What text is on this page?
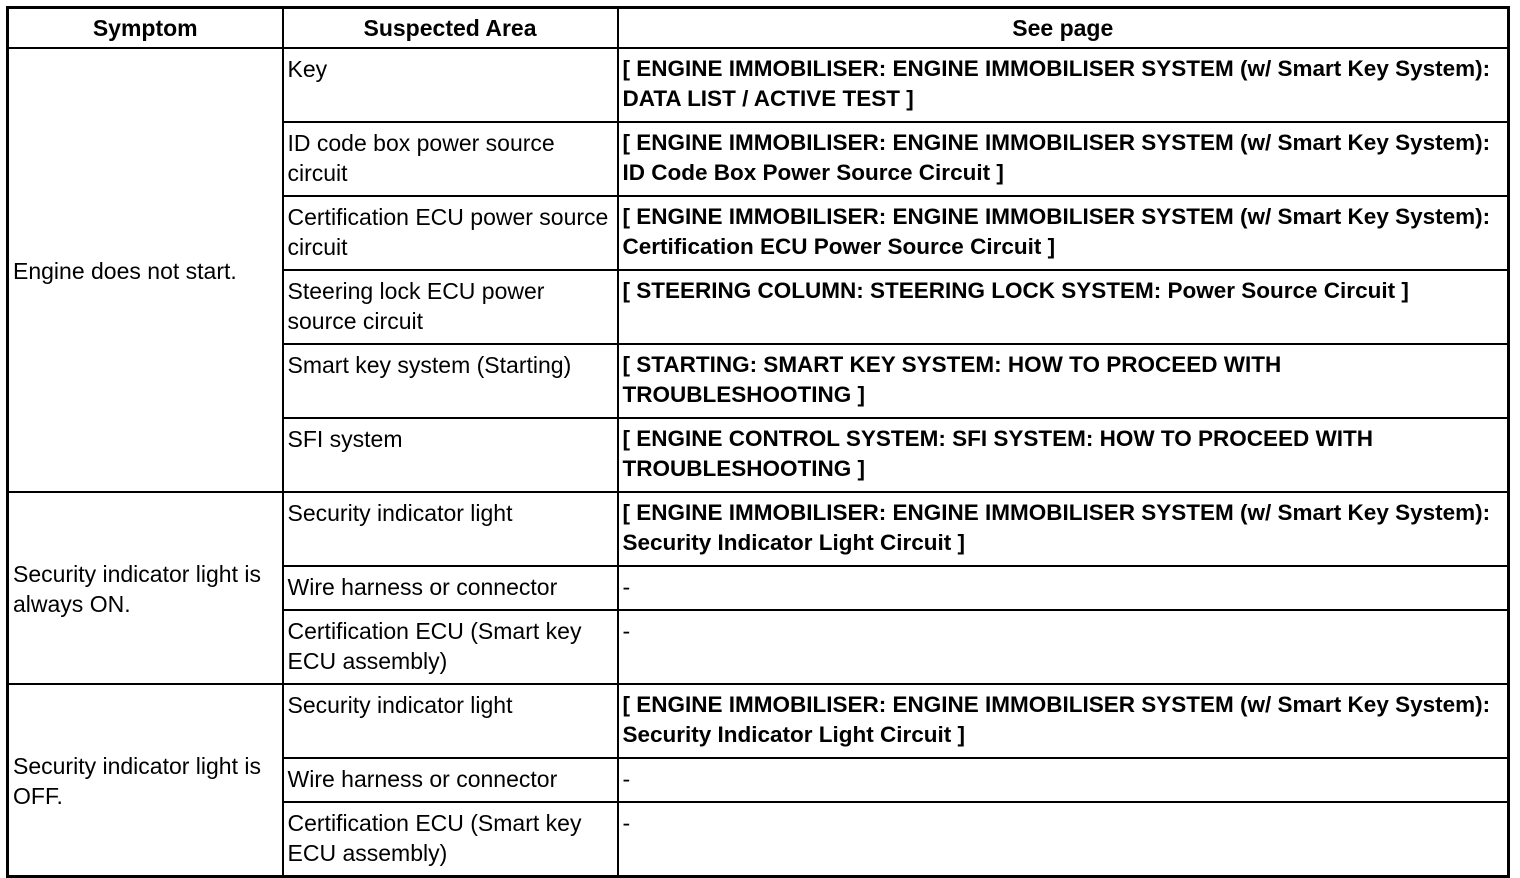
Symptom	Suspected Area	See page
Engine does not start.	Key	[ ENGINE IMMOBILISER: ENGINE IMMOBILISER SYSTEM (w/ Smart Key System): DATA LIST / ACTIVE TEST ]
	ID code box power source circuit	[ ENGINE IMMOBILISER: ENGINE IMMOBILISER SYSTEM (w/ Smart Key System): ID Code Box Power Source Circuit ]
	Certification ECU power source circuit	[ ENGINE IMMOBILISER: ENGINE IMMOBILISER SYSTEM (w/ Smart Key System): Certification ECU Power Source Circuit ]
	Steering lock ECU power source circuit	[ STEERING COLUMN: STEERING LOCK SYSTEM: Power Source Circuit ]
	Smart key system (Starting)	[ STARTING: SMART KEY SYSTEM: HOW TO PROCEED WITH TROUBLESHOOTING ]
	SFI system	[ ENGINE CONTROL SYSTEM: SFI SYSTEM: HOW TO PROCEED WITH TROUBLESHOOTING ]
Security indicator light is always ON.	Security indicator light	[ ENGINE IMMOBILISER: ENGINE IMMOBILISER SYSTEM (w/ Smart Key System): Security Indicator Light Circuit ]
	Wire harness or connector	-
	Certification ECU (Smart key ECU assembly)	-
Security indicator light is OFF.	Security indicator light	[ ENGINE IMMOBILISER: ENGINE IMMOBILISER SYSTEM (w/ Smart Key System): Security Indicator Light Circuit ]
	Wire harness or connector	-
	Certification ECU (Smart key ECU assembly)	-
